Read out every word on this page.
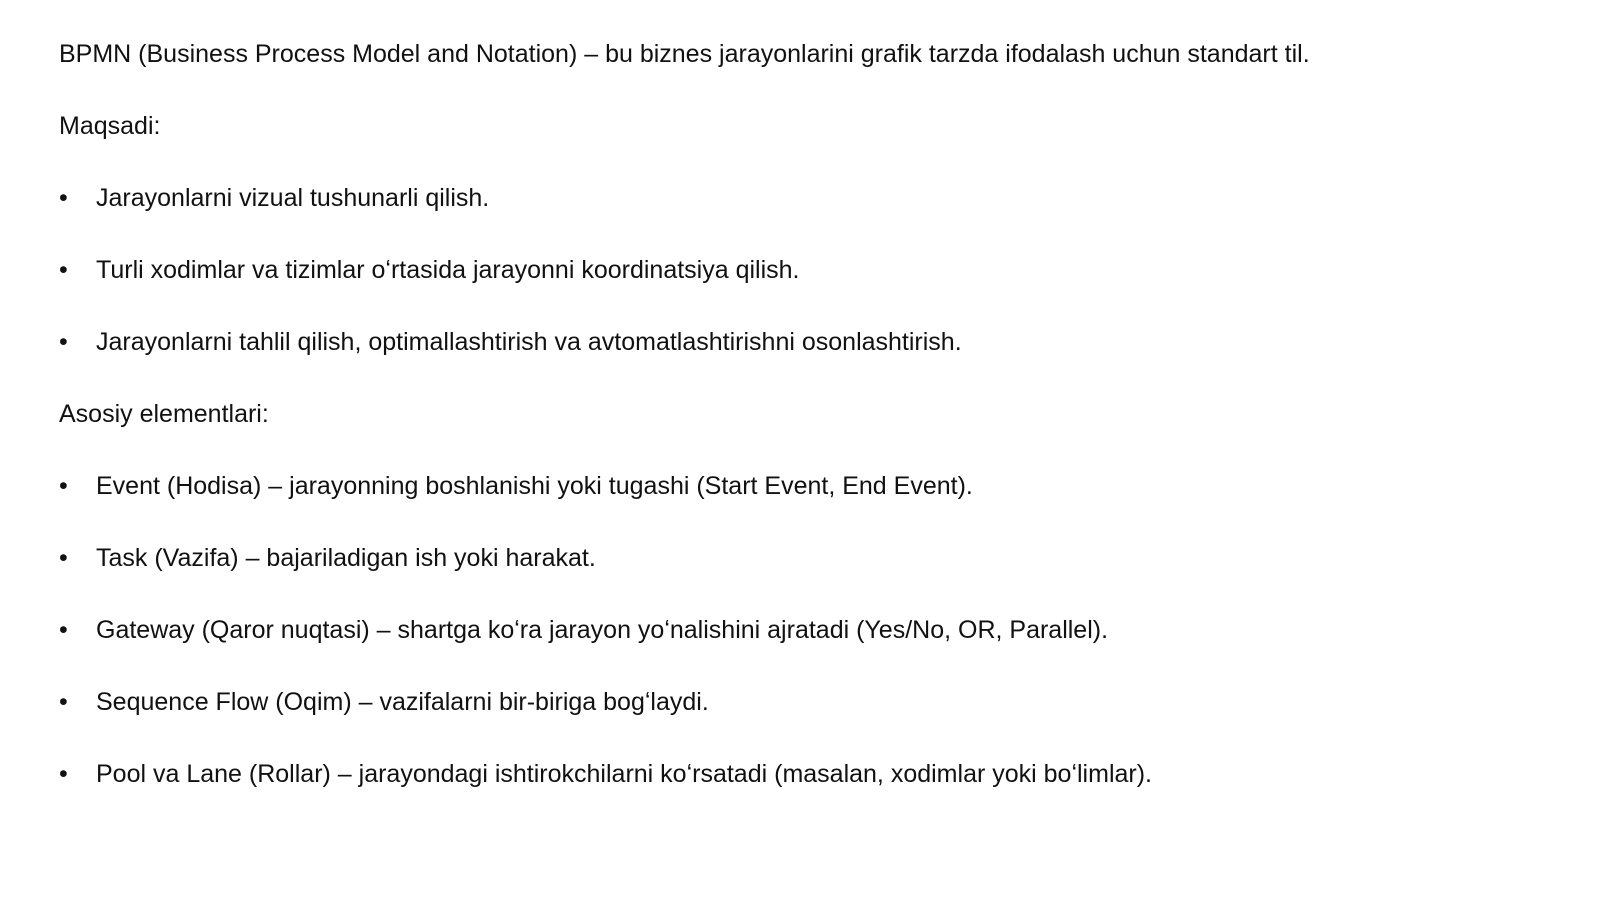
BPMN (Business Process Model and Notation) – bu biznes jarayonlarini grafik tarzda ifodalash uchun standart til.
Maqsadi:
• Jarayonlarni vizual tushunarli qilish.
• Turli xodimlar va tizimlar oʻrtasida jarayonni koordinatsiya qilish.
• Jarayonlarni tahlil qilish, optimallashtirish va avtomatlashtirishni osonlashtirish.
Asosiy elementlari:
• Event (Hodisa) – jarayonning boshlanishi yoki tugashi (Start Event, End Event).
• Task (Vazifa) – bajariladigan ish yoki harakat.
• Gateway (Qaror nuqtasi) – shartga koʻra jarayon yoʻnalishini ajratadi (Yes/No, OR, Parallel).
• Sequence Flow (Oqim) – vazifalarni bir-biriga bogʻlaydi.
• Pool va Lane (Rollar) – jarayondagi ishtirokchilarni koʻrsatadi (masalan, xodimlar yoki boʻlimlar).
